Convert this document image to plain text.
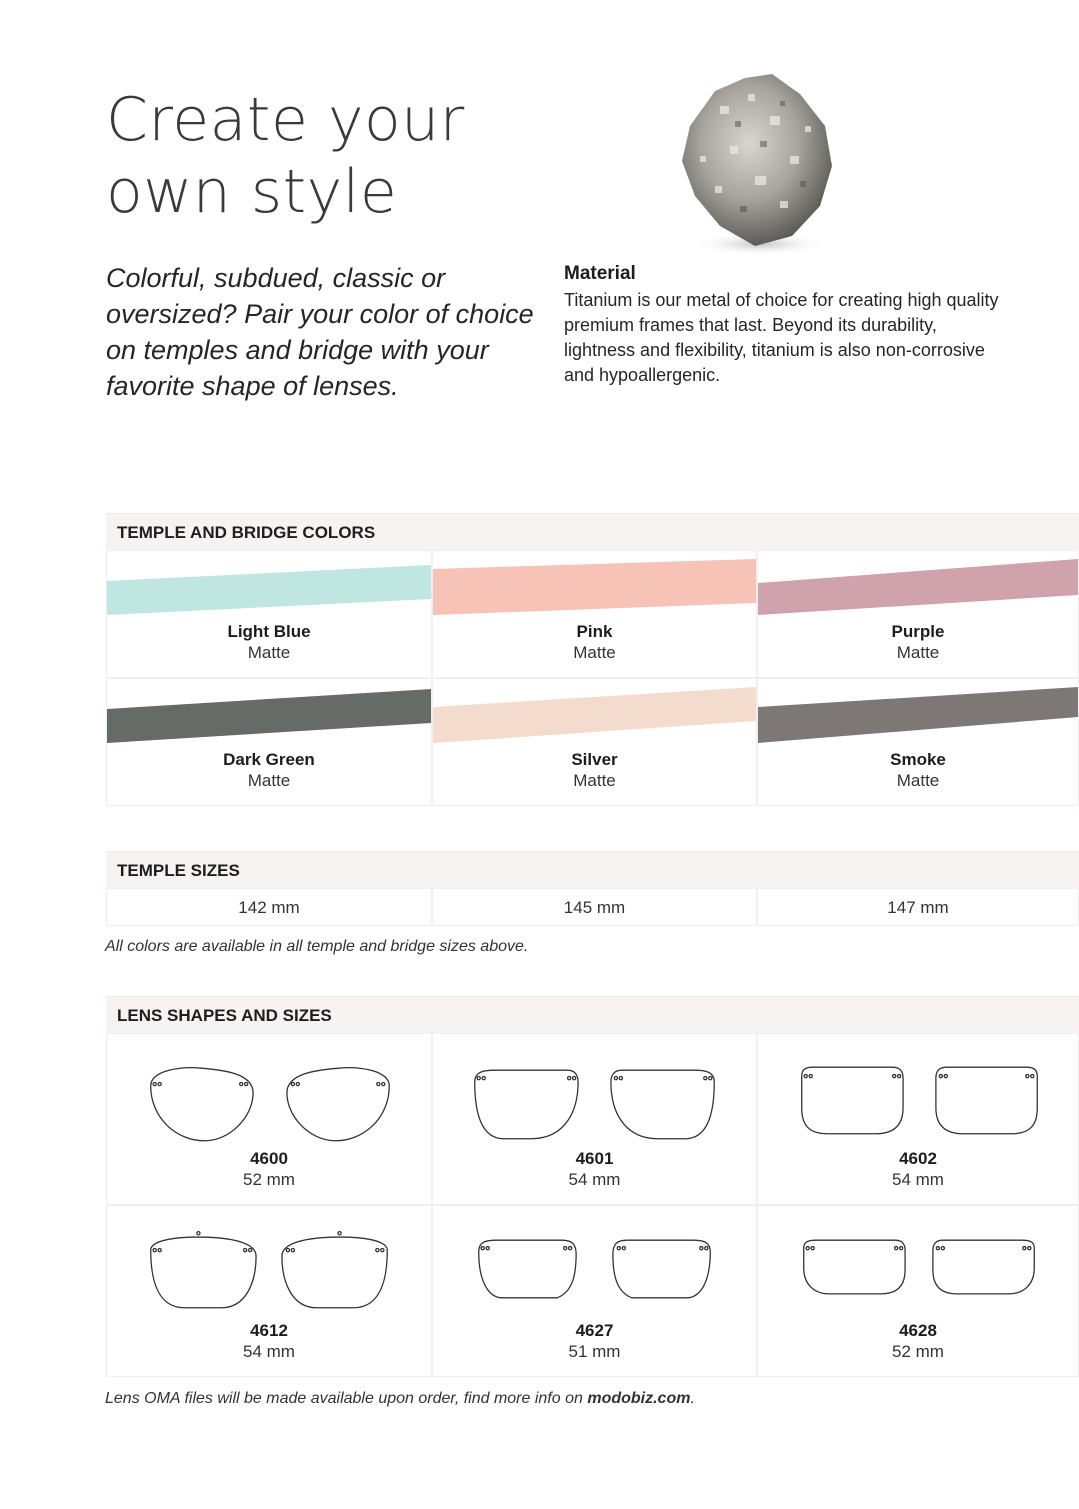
Create your
own style

Colorful, subdued, classic or oversized? Pair your color of choice on temples and bridge with your favorite shape of lenses.

Material

Titanium is our metal of choice for creating high quality premium frames that last. Beyond its durability, lightness and flexibility, titanium is also non-corrosive and hypoallergenic.

TEMPLE AND BRIDGE COLORS
Light Blue
Matte
Pink
Matte
Purple
Matte
Dark Green
Matte
Silver
Matte
Smoke
Matte
TEMPLE SIZES
142 mm	145 mm	147 mm

All colors are available in all temple and bridge sizes above.

LENS SHAPES AND SIZES
4600
52 mm
4601
54 mm
4602
54 mm
4612
54 mm
4627
51 mm
4628
52 mm

Lens OMA files will be made available upon order, find more info on modobiz.com.
